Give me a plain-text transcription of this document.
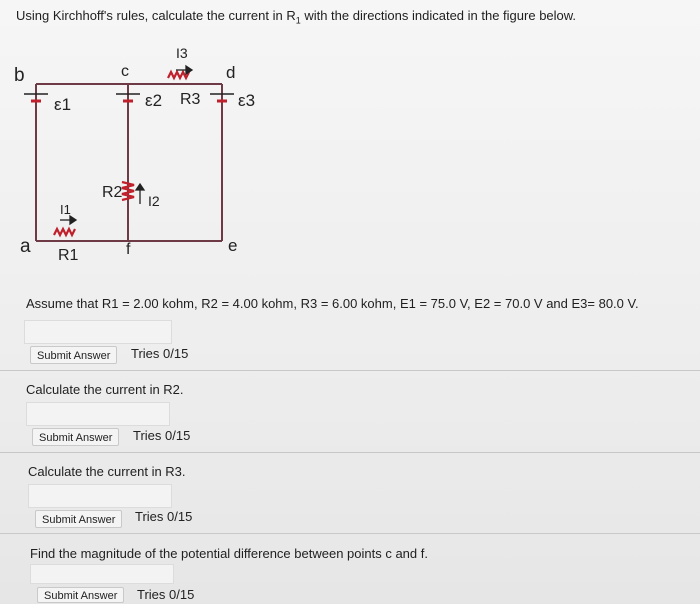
Using Kirchhoff's rules, calculate the current in $R_1$ with the directions indicated in the figure below.
b	c	d
a	f	e
ε1	ε2	ε3
R3
R2
R1
I3
I2
I1
Assume that R1 = 2.00 kohm, R2 = 4.00 kohm, R3 = 6.00 kohm, E1 = 75.0 V, E2 = 70.0 V and E3= 80.0 V.
Submit Answer	Tries 0/15
Calculate the current in R2.
Submit Answer	Tries 0/15
Calculate the current in R3.
Submit Answer	Tries 0/15
Find the magnitude of the potential difference between points c and f.
Submit Answer	Tries 0/15
